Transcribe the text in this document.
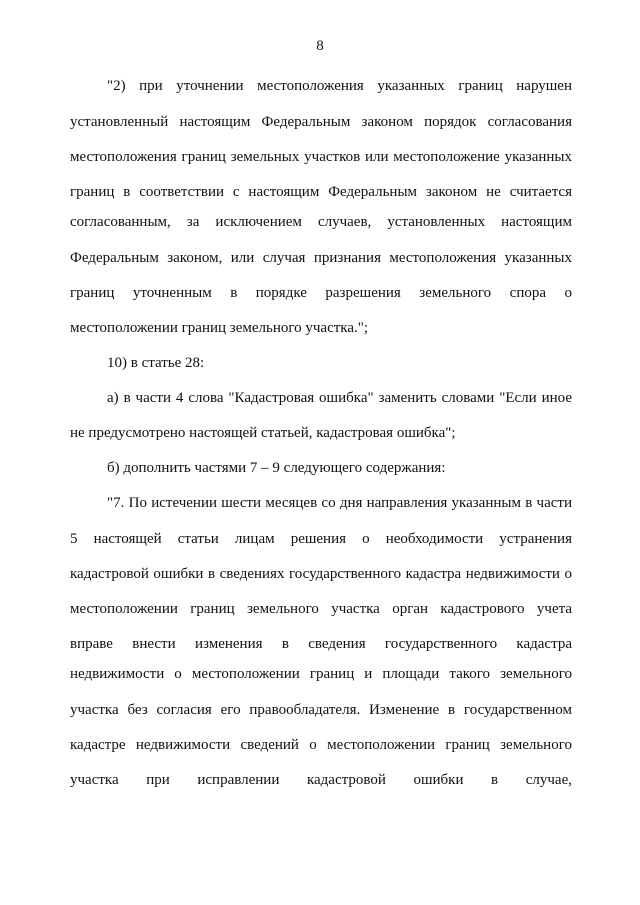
8
"2) при уточнении местоположения указанных границ нарушен
установленный настоящим Федеральным законом порядок согласования
местоположения границ земельных участков или местоположение указанных
границ в соответствии с настоящим Федеральным законом не считается
согласованным, за исключением случаев, установленных настоящим
Федеральным законом, или случая признания местоположения указанных
границ уточненным в порядке разрешения земельного спора о
местоположении границ земельного участка.";
10) в статье 28:
а) в части 4 слова "Кадастровая ошибка" заменить словами "Если иное
не предусмотрено настоящей статьей, кадастровая ошибка";
б) дополнить частями 7 – 9 следующего содержания:
"7. По истечении шести месяцев со дня направления указанным в части
5 настоящей статьи лицам решения о необходимости устранения
кадастровой ошибки в сведениях государственного кадастра недвижимости о
местоположении границ земельного участка орган кадастрового учета
вправе внести изменения в сведения государственного кадастра
недвижимости о местоположении границ и площади такого земельного
участка без согласия его правообладателя. Изменение в государственном
кадастре недвижимости сведений о местоположении границ земельного
участка при исправлении кадастровой ошибки в случае,
